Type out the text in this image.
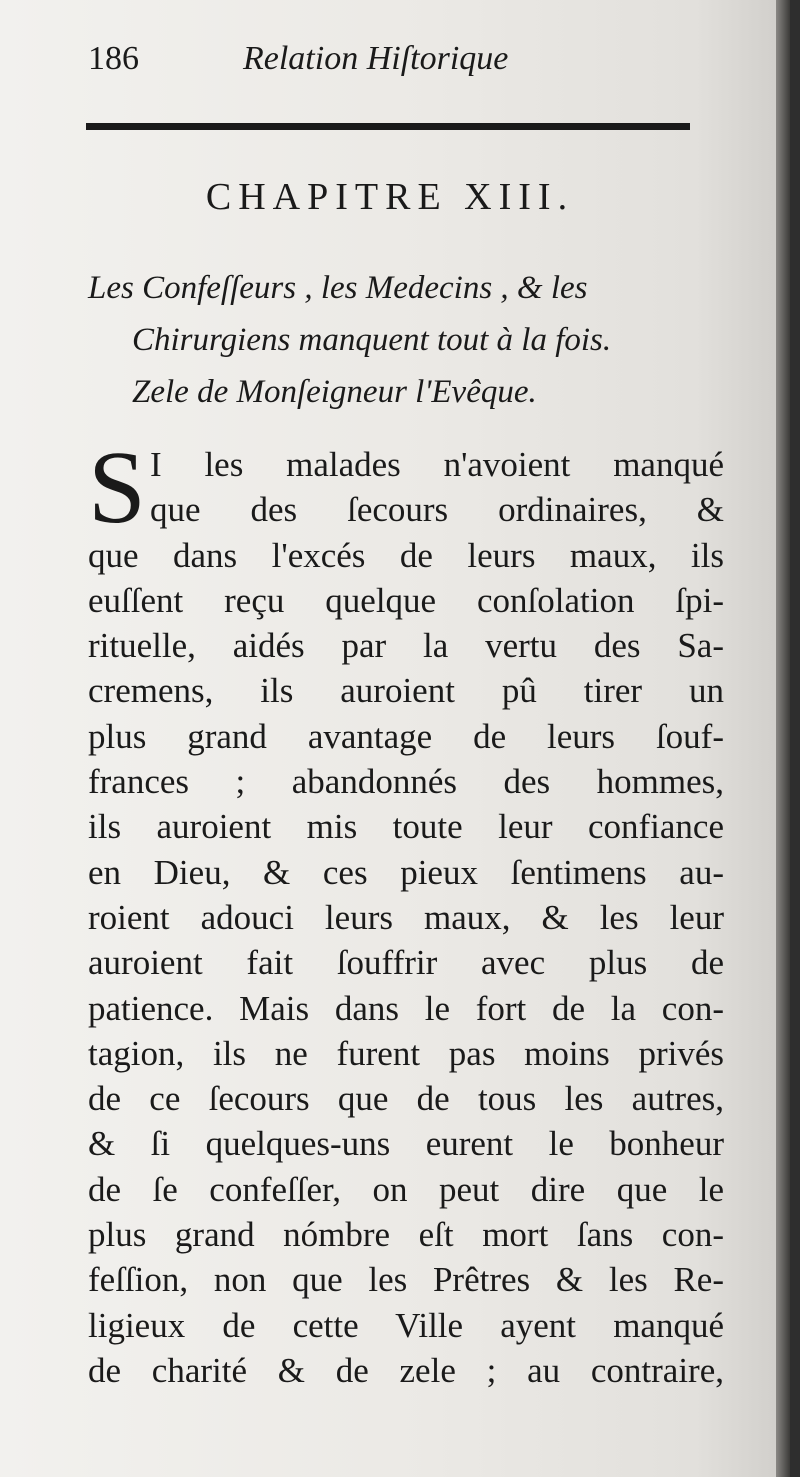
186	Relation Hiſtorique
CHAPITRE XIII.
Les Confeſſeurs , les Medecins , & les
Chirurgiens manquent tout à la fois.
Zele de Monſeigneur l'Evêque.
S I les malades n'avoient manqué
que des ſecours ordinaires, &
que dans l'excés de leurs maux, ils
euſſent reçu quelque conſolation ſpi-
rituelle, aidés par la vertu des Sa-
cremens, ils auroient pû tirer un
plus grand avantage de leurs ſouf-
frances ; abandonnés des hommes,
ils auroient mis toute leur confiance
en Dieu, & ces pieux ſentimens au-
roient adouci leurs maux, & les leur
auroient fait ſouffrir avec plus de
patience. Mais dans le fort de la con-
tagion, ils ne furent pas moins privés
de ce ſecours que de tous les autres,
& ſi quelques-uns eurent le bonheur
de ſe confeſſer, on peut dire que le
plus grand nómbre eſt mort ſans con-
feſſion, non que les Prêtres & les Re-
ligieux de cette Ville ayent manqué
de charité & de zele ; au contraire,
